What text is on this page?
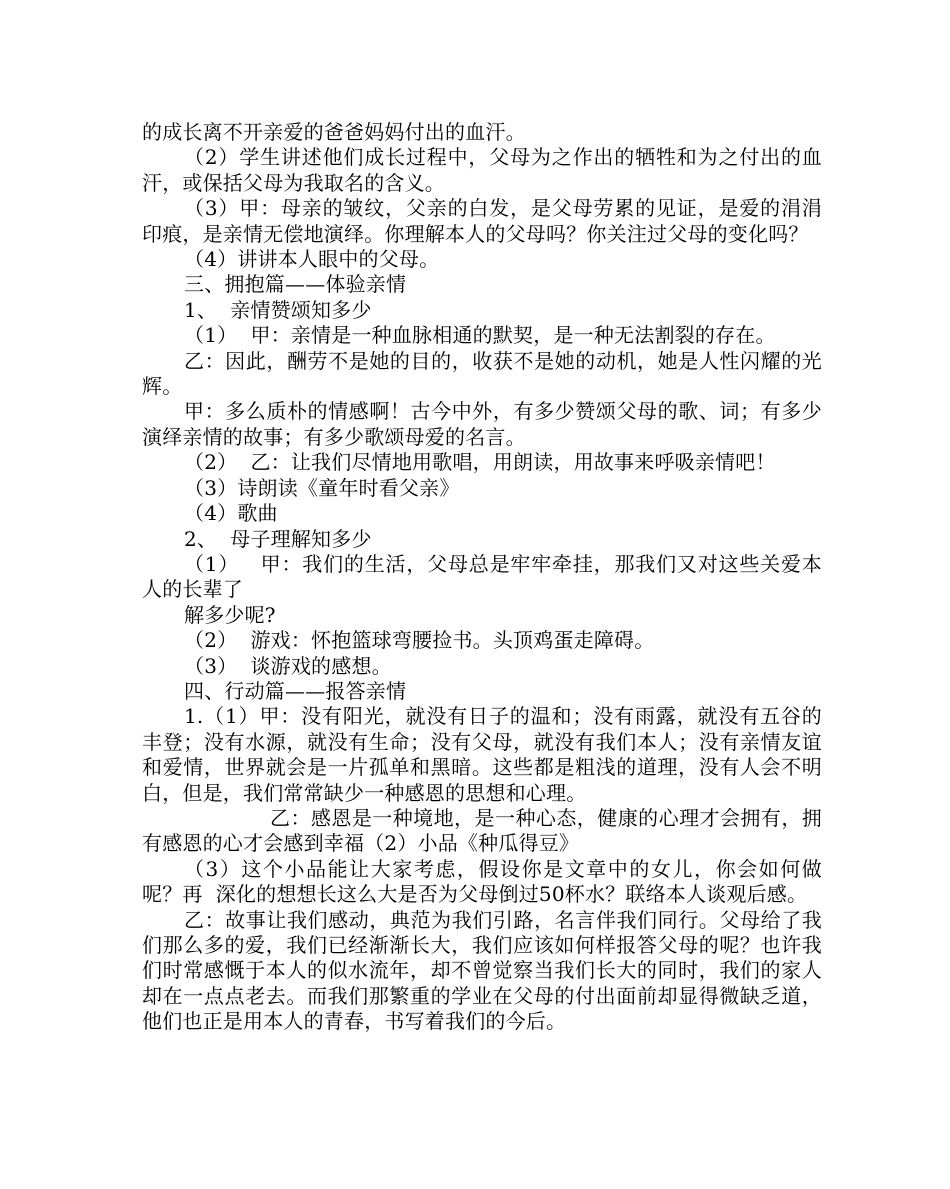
的成长离不开亲爱的爸爸妈妈付出的血汗。

（2）学生讲述他们成长过程中，父母为之作出的牺牲和为之付出的血汗，或保括父母为我取名的含义。

（3）甲：母亲的皱纹，父亲的白发，是父母劳累的见证，是爱的涓涓印痕，是亲情无偿地演绎。你理解本人的父母吗？你关注过父母的变化吗？

（4）讲讲本人眼中的父母。

三、拥抱篇——体验亲情

1、  亲情赞颂知多少

（1）  甲：亲情是一种血脉相通的默契，是一种无法割裂的存在。

乙：因此，酬劳不是她的目的，收获不是她的动机，她是人性闪耀的光辉。

甲：多么质朴的情感啊！古今中外，有多少赞颂父母的歌、词；有多少演绎亲情的故事；有多少歌颂母爱的名言。

（2）  乙：让我们尽情地用歌唱，用朗读，用故事来呼吸亲情吧！

（3）诗朗读《童年时看父亲》

（4）歌曲

2、  母子理解知多少

（1）   甲：我们的生活，父母总是牢牢牵挂，那我们又对这些关爱本人的长辈了

解多少呢?

（2）  游戏：怀抱篮球弯腰捡书。头顶鸡蛋走障碍。

（3）  谈游戏的感想。

四、行动篇——报答亲情

1.（1）甲：没有阳光，就没有日子的温和；没有雨露，就没有五谷的丰登；没有水源，就没有生命；没有父母，就没有我们本人；没有亲情友谊和爱情，世界就会是一片孤单和黑暗。这些都是粗浅的道理，没有人会不明白，但是，我们常常缺少一种感恩的思想和心理。

乙：感恩是一种境地，是一种心态，健康的心理才会拥有，拥有感恩的心才会感到幸福（2）小品《种瓜得豆》

（3）这个小品能让大家考虑，假设你是文章中的女儿，你会如何做呢？再  深化的想想长这么大是否为父母倒过50杯水？联络本人谈观后感。

乙：故事让我们感动，典范为我们引路，名言伴我们同行。父母给了我们那么多的爱，我们已经渐渐长大，我们应该如何样报答父母的呢？也许我们时常感慨于本人的似水流年，却不曾觉察当我们长大的同时，我们的家人却在一点点老去。而我们那繁重的学业在父母的付出面前却显得微缺乏道，他们也正是用本人的青春，书写着我们的今后。
